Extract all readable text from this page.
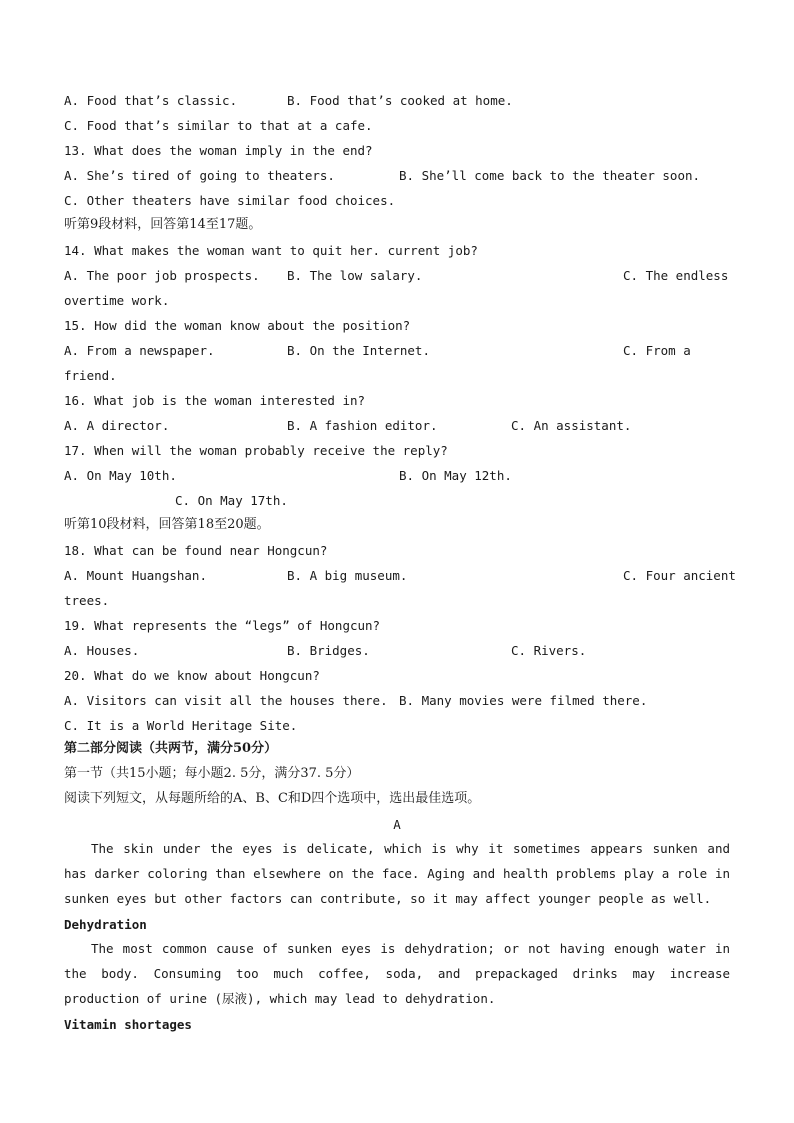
A. Food that’s classic.	B. Food that’s cooked at home.
C. Food that’s similar to that at a cafe.
13. What does the woman imply in the end?
A. She’s tired of going to theaters.	B. She’ll come back to the theater soon.
C. Other theaters have similar food choices.
听第9段材料，回答第14至17题。
14. What makes the woman want to quit her. current job?
A. The poor job prospects. B. The low salary.	C. The endless
overtime work.
15. How did the woman know about the position?
A. From a newspaper.	B. On the Internet.	C. From a
friend.
16. What job is the woman interested in?
A. A director.	B. A fashion editor.	C. An assistant.
17. When will the woman probably receive the reply?
A. On May 10th.	B. On May 12th.
C. On May 17th.
听第10段材料，回答第18至20题。
18. What can be found near Hongcun?
A. Mount Huangshan.	B. A big museum.	C. Four ancient
trees.
19. What represents the “legs” of Hongcun?
A. Houses.	B. Bridges.	C. Rivers.
20. What do we know about Hongcun?
A. Visitors can visit all the houses there. B. Many movies were filmed there.
C. It is a World Heritage Site.
第二部分阅读（共两节，满分50分）
第一节（共15小题；每小题2. 5分，满分37. 5分）
阅读下列短文，从每题所给的A、B、C和D四个选项中，选出最佳选项。
A
The skin under the eyes is delicate, which is why it sometimes appears sunken and has darker coloring than elsewhere on the face. Aging and health problems play a role in sunken eyes but other factors can contribute, so it may affect younger people as well.
Dehydration
The most common cause of sunken eyes is dehydration; or not having enough water in the body. Consuming too much coffee, soda, and prepackaged drinks may increase production of urine (尿液), which may lead to dehydration.
Vitamin shortages
